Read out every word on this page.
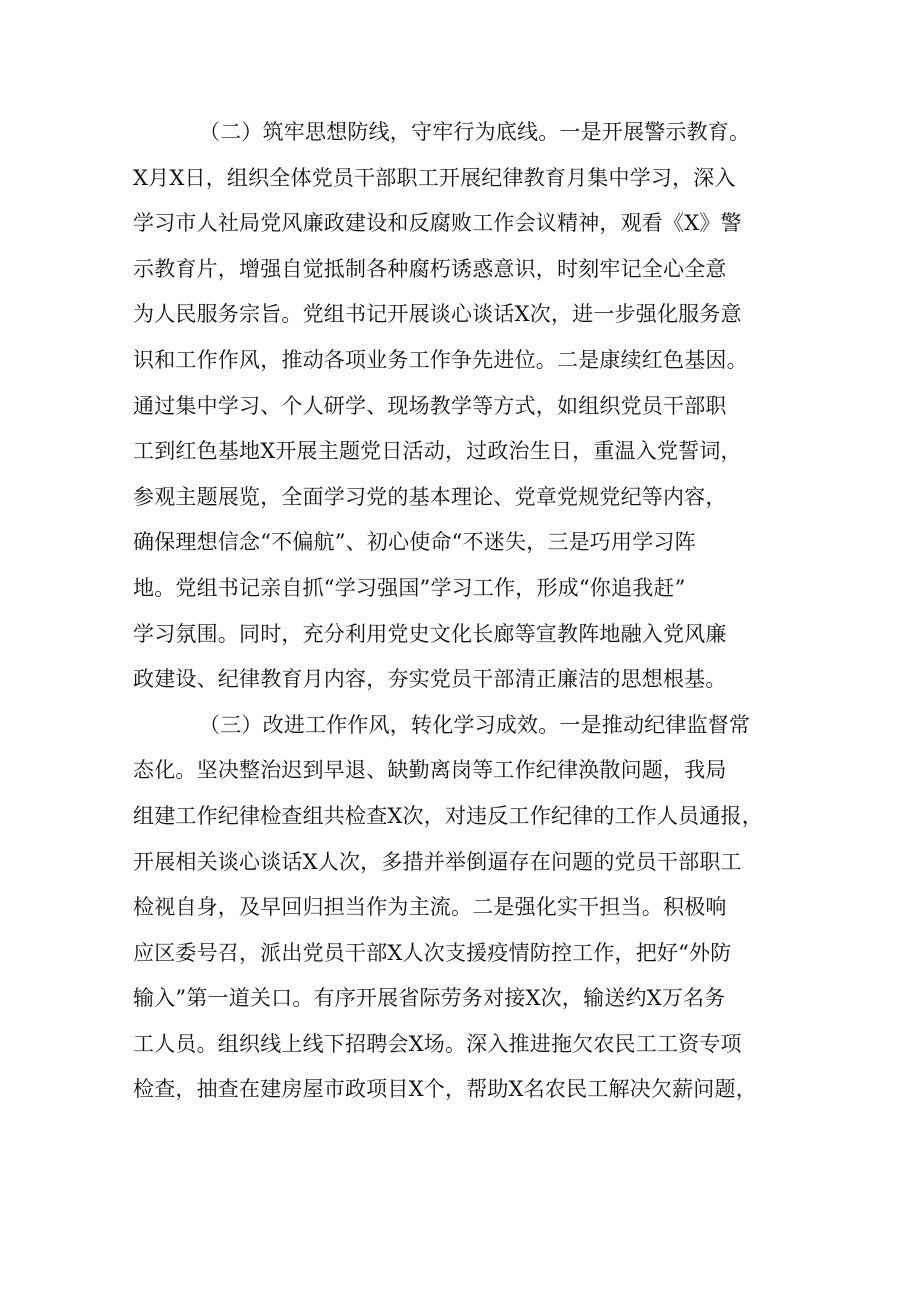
（二）筑牢思想防线，守牢行为底线。一是开展警示教育。
X月X日，组织全体党员干部职工开展纪律教育月集中学习，深入
学习市人社局党风廉政建设和反腐败工作会议精神，观看《X》警
示教育片，增强自觉抵制各种腐朽诱惑意识，时刻牢记全心全意
为人民服务宗旨。党组书记开展谈心谈话X次，进一步强化服务意
识和工作作风，推动各项业务工作争先进位。二是康续红色基因。
通过集中学习、个人研学、现场教学等方式，如组织党员干部职
工到红色基地X开展主题党日活动，过政治生日，重温入党誓词，
参观主题展览，全面学习党的基本理论、党章党规党纪等内容，
确保理想信念“不偏航”、初心使命“不迷失，三是巧用学习阵
地。党组书记亲自抓“学习强国”学习工作，形成“你追我赶”
学习氛围。同时，充分利用党史文化长廊等宣教阵地融入党风廉
政建设、纪律教育月内容，夯实党员干部清正廉洁的思想根基。

（三）改进工作作风，转化学习成效。一是推动纪律监督常
态化。坚决整治迟到早退、缺勤离岗等工作纪律涣散问题，我局
组建工作纪律检查组共检查X次，对违反工作纪律的工作人员通报，
开展相关谈心谈话X人次，多措并举倒逼存在问题的党员干部职工
检视自身，及早回归担当作为主流。二是强化实干担当。积极响
应区委号召，派出党员干部X人次支援疫情防控工作，把好“外防
输入”第一道关口。有序开展省际劳务对接X次，输送约X万名务
工人员。组织线上线下招聘会X场。深入推进拖欠农民工工资专项
检查，抽查在建房屋市政项目X个，帮助X名农民工解决欠薪问题，
